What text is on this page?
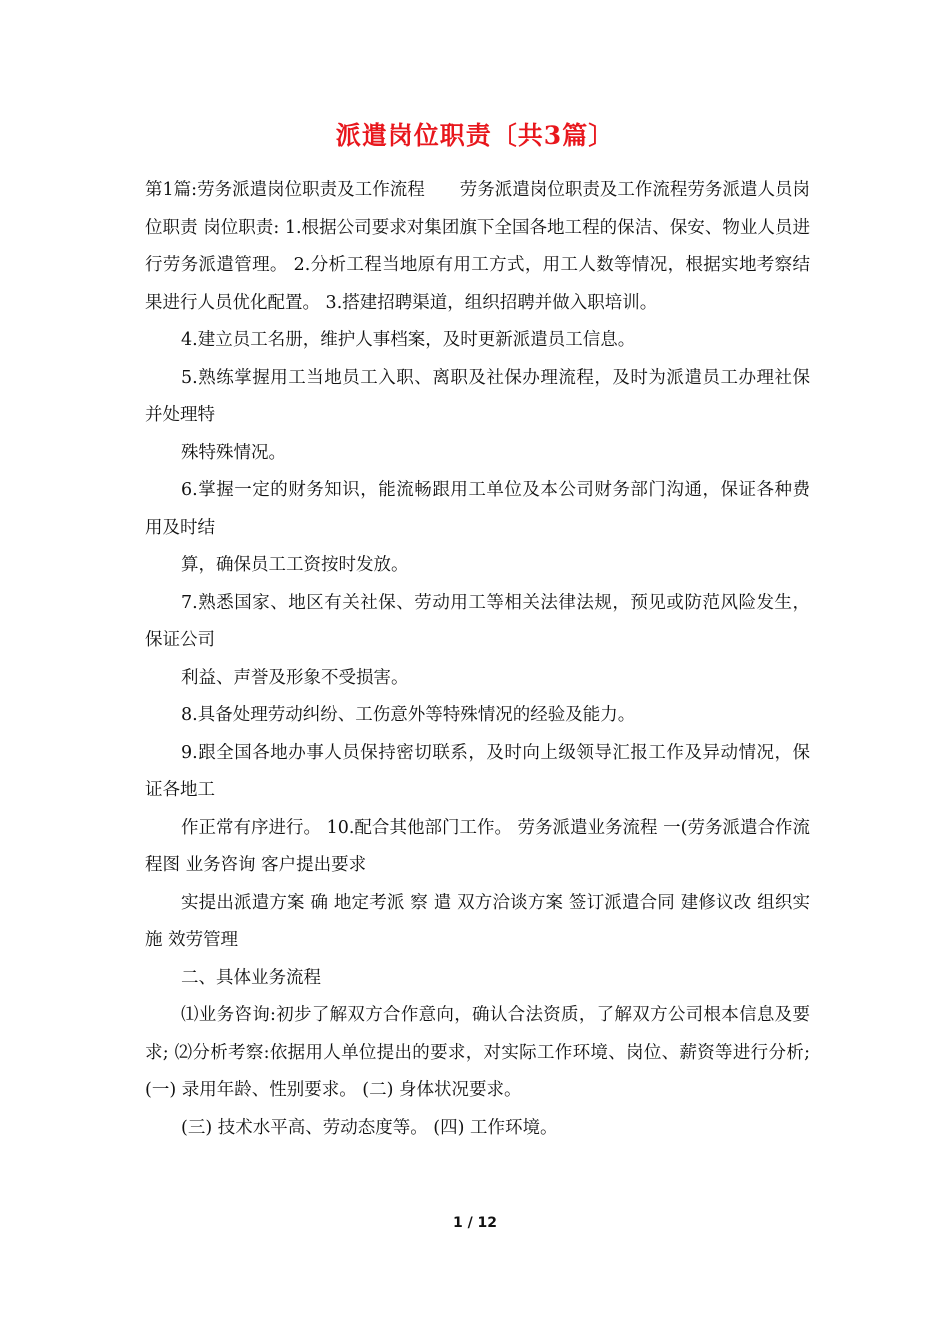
派遣岗位职责〔共3篇〕

第1篇:劳务派遣岗位职责及工作流程　　劳务派遣岗位职责及工作流程劳务派遣人员岗位职责 岗位职责: 1.根据公司要求对集团旗下全国各地工程的保洁、保安、物业人员进行劳务派遣管理。 2.分析工程当地原有用工方式，用工人数等情况，根据实地考察结果进行人员优化配置。 3.搭建招聘渠道，组织招聘并做入职培训。

4.建立员工名册，维护人事档案，及时更新派遣员工信息。

5.熟练掌握用工当地员工入职、离职及社保办理流程，及时为派遣员工办理社保并处理特

殊特殊情况。

6.掌握一定的财务知识，能流畅跟用工单位及本公司财务部门沟通，保证各种费用及时结

算，确保员工工资按时发放。

7.熟悉国家、地区有关社保、劳动用工等相关法律法规，预见或防范风险发生，保证公司

利益、声誉及形象不受损害。

8.具备处理劳动纠纷、工伤意外等特殊情况的经验及能力。

9.跟全国各地办事人员保持密切联系，及时向上级领导汇报工作及异动情况，保证各地工

作正常有序进行。 10.配合其他部门工作。 劳务派遣业务流程 一(劳务派遣合作流程图 业务咨询 客户提出要求

实提出派遣方案 确 地定考派 察 遣 双方洽谈方案 签订派遣合同 建修议改 组织实施 效劳管理

二、具体业务流程

⑴业务咨询:初步了解双方合作意向，确认合法资质，了解双方公司根本信息及要求; ⑵分析考察:依据用人单位提出的要求，对实际工作环境、岗位、薪资等进行分析; (一) 录用年龄、性别要求。 (二) 身体状况要求。

(三) 技术水平高、劳动态度等。 (四) 工作环境。

1 / 12
